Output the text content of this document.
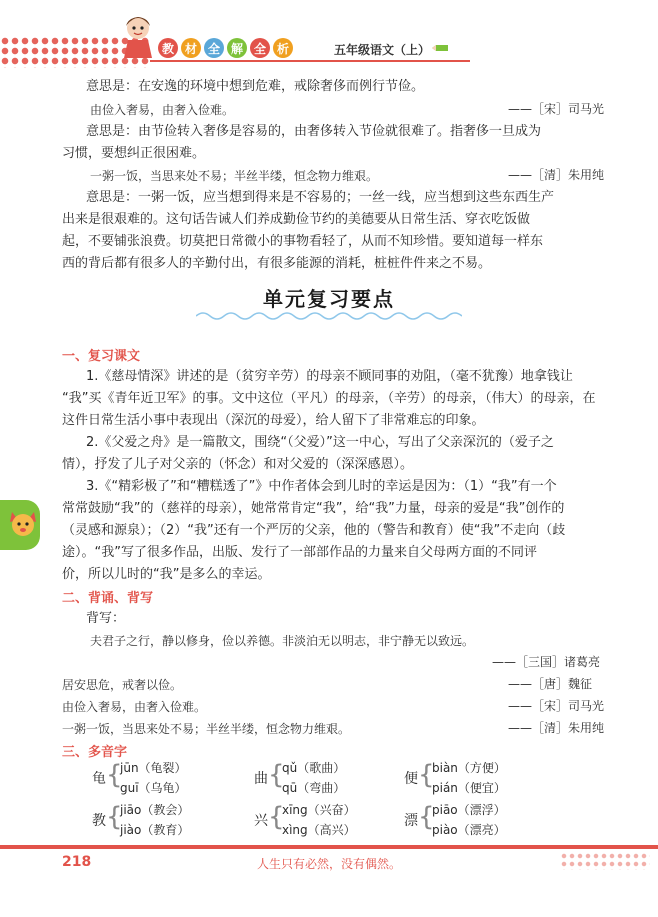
教 材 全 解 全 析	五年级语文（上）
意思是：在安逸的环境中想到危难，戒除奢侈而例行节俭。
由俭入奢易，由奢入俭难。	——［宋］司马光
意思是：由节俭转入奢侈是容易的，由奢侈转入节俭就很难了。指奢侈一旦成为
习惯，要想纠正很困难。
一粥一饭，当思来处不易；半丝半缕，恒念物力维艰。	——［清］朱用纯
意思是：一粥一饭，应当想到得来是不容易的；一丝一线，应当想到这些东西生产
出来是很艰难的。这句话告诫人们养成勤俭节约的美德要从日常生活、穿衣吃饭做
起，不要铺张浪费。切莫把日常微小的事物看轻了，从而不知珍惜。要知道每一样东
西的背后都有很多人的辛勤付出，有很多能源的消耗，桩桩件件来之不易。
单元复习要点
一、复习课文
1.《慈母情深》讲述的是（贫穷辛劳）的母亲不顾同事的劝阻，（毫不犹豫）地拿钱让
“我”买《青年近卫军》的事。文中这位（平凡）的母亲，（辛劳）的母亲，（伟大）的母亲，在
这件日常生活小事中表现出（深沉的母爱），给人留下了非常难忘的印象。
2.《父爱之舟》是一篇散文，围绕“（父爱）”这一中心，写出了父亲深沉的（爱子之
情），抒发了儿子对父亲的（怀念）和对父爱的（深深感恩）。
3.《“精彩极了”和“糟糕透了”》中作者体会到儿时的幸运是因为：（1）“我”有一个
常常鼓励“我”的（慈祥的母亲），她常常肯定“我”，给“我”力量，母亲的爱是“我”创作的
（灵感和源泉）；（2）“我”还有一个严厉的父亲，他的（警告和教育）使“我”不走向（歧
途）。“我”写了很多作品，出版、发行了一部部作品的力量来自父母两方面的不同评
价，所以儿时的“我”是多么的幸运。
二、背诵、背写
背写：
夫君子之行，静以修身，俭以养德。非淡泊无以明志，非宁静无以致远。
——［三国］诸葛亮
居安思危，戒奢以俭。	——［唐］魏征
由俭入奢易，由奢入俭难。	——［宋］司马光
一粥一饭，当思来处不易；半丝半缕，恒念物力维艰。	——［清］朱用纯
三、多音字
龟 {
jūn（龟裂）
guī（乌龟）
曲 {
qǔ（歌曲）
qū（弯曲）
便 {
biàn（方便）
pián（便宜）
教 {
jiāo（教会）
jiào（教育）
兴 {
xīng（兴奋）
xìng（高兴）
漂 {
piāo（漂浮）
piào（漂亮）
218	人生只有必然，没有偶然。
